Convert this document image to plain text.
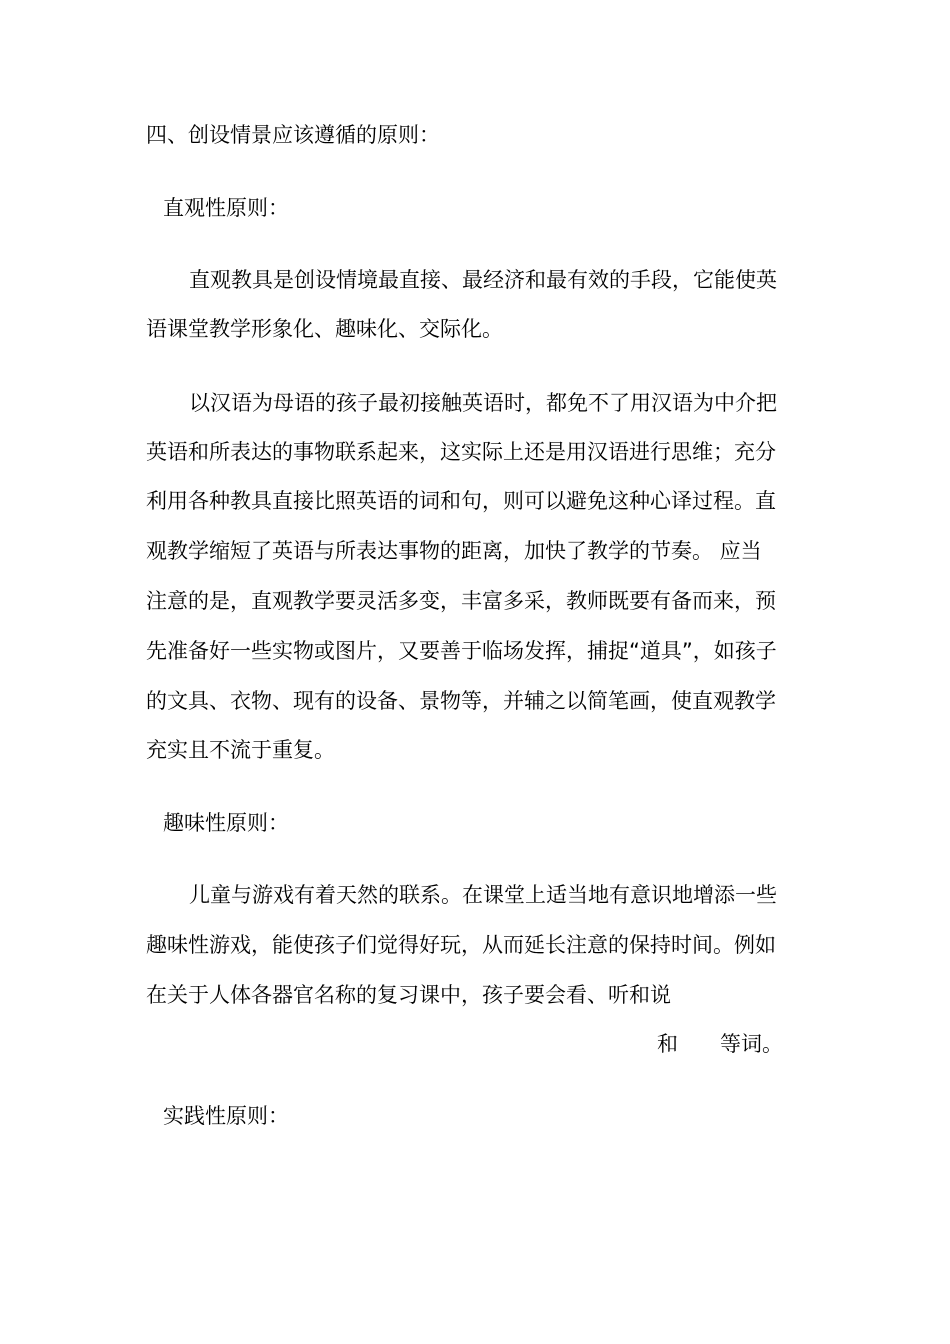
四、创设情景应该遵循的原则：
直观性原则：
直观教具是创设情境最直接、最经济和最有效的手段，它能使英
语课堂教学形象化、趣味化、交际化。
以汉语为母语的孩子最初接触英语时，都免不了用汉语为中介把
英语和所表达的事物联系起来，这实际上还是用汉语进行思维；充分
利用各种教具直接比照英语的词和句，则可以避免这种心译过程。直
观教学缩短了英语与所表达事物的距离，加快了教学的节奏。 应当
注意的是，直观教学要灵活多变，丰富多采，教师既要有备而来，预
先准备好一些实物或图片，又要善于临场发挥，捕捉“道具”，如孩子
的文具、衣物、现有的设备、景物等，并辅之以简笔画，使直观教学
充实且不流于重复。
趣味性原则：
儿童与游戏有着天然的联系。在课堂上适当地有意识地增添一些
趣味性游戏，能使孩子们觉得好玩，从而延长注意的保持时间。例如
在关于人体各器官名称的复习课中，孩子要会看、听和说
和 等词。
实践性原则：
